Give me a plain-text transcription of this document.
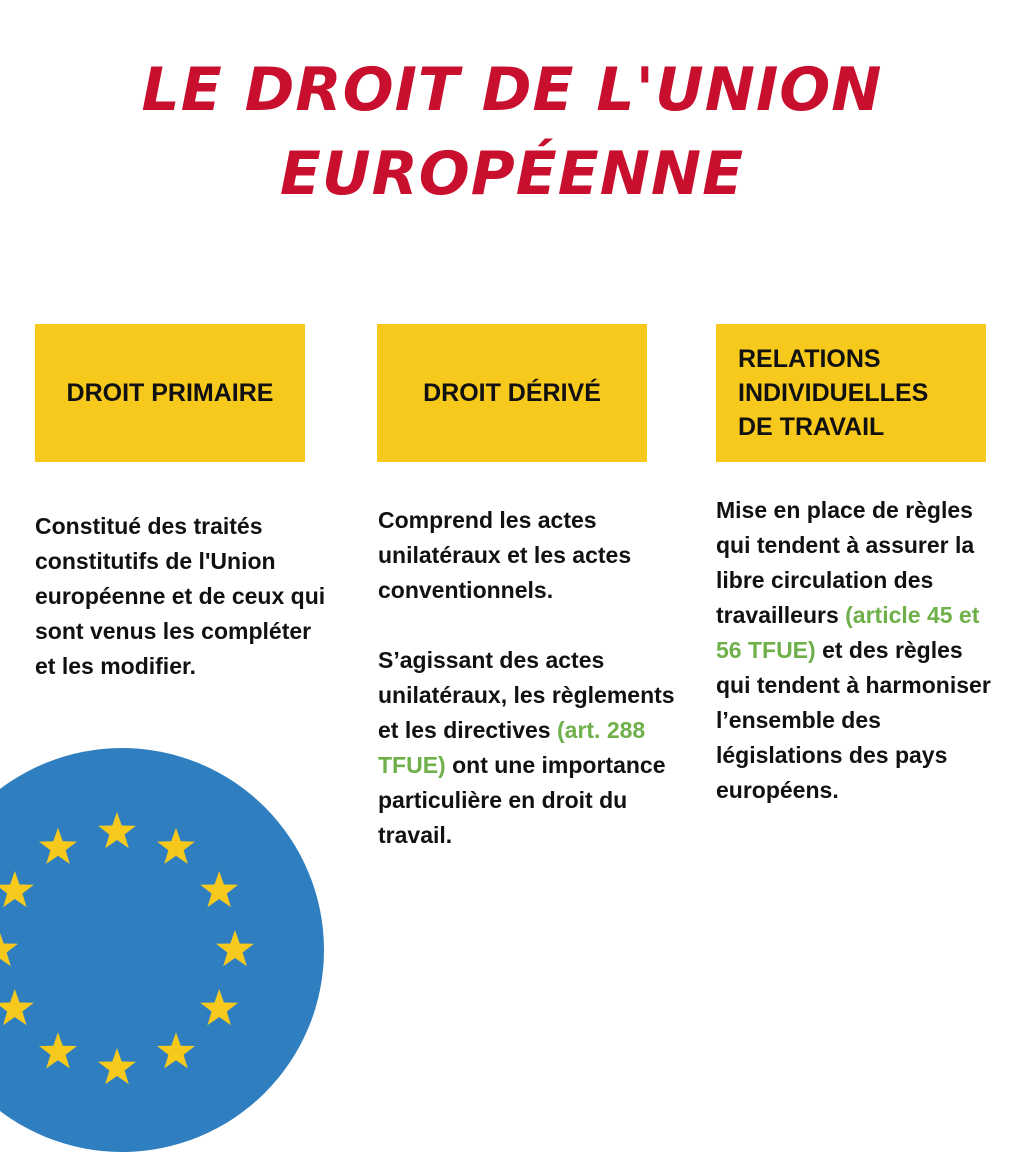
LE DROIT DE L'UNION
EUROPÉENNE
DROIT PRIMAIRE

Constitué des traités constitutifs de l'Union européenne et de ceux qui sont venus les compléter et les modifier.

DROIT DÉRIVÉ

Comprend les actes unilatéraux et les actes conventionnels.

S’agissant des actes unilatéraux, les règlements et les directives (art. 288 TFUE) ont une importance particulière en droit du travail.

RELATIONS
INDIVIDUELLES
DE TRAVAIL

Mise en place de règles qui tendent à assurer la libre circulation des travailleurs (article 45 et 56 TFUE) et des règles qui tendent à harmoniser l’ensemble des législations des pays européens.
